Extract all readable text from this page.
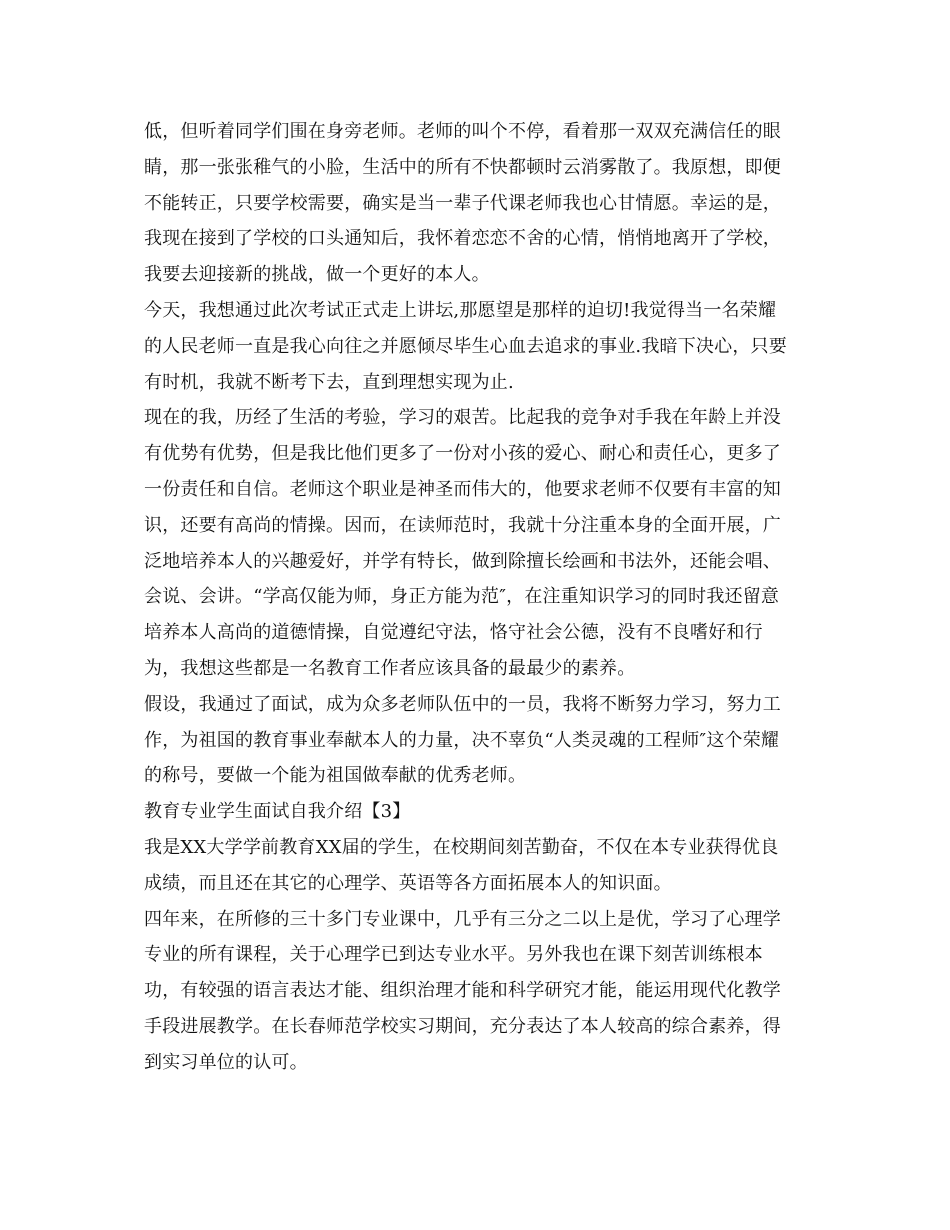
低，但听着同学们围在身旁老师。老师的叫个不停，看着那一双双充满信任的眼
睛，那一张张稚气的小脸，生活中的所有不快都顿时云消雾散了。我原想，即便
不能转正，只要学校需要，确实是当一辈子代课老师我也心甘情愿。幸运的是，
我现在接到了学校的口头通知后，我怀着恋恋不舍的心情，悄悄地离开了学校，
我要去迎接新的挑战，做一个更好的本人。
今天，我想通过此次考试正式走上讲坛,那愿望是那样的迫切!我觉得当一名荣耀
的人民老师一直是我心向往之并愿倾尽毕生心血去追求的事业.我暗下决心，只要
有时机，我就不断考下去，直到理想实现为止.
现在的我，历经了生活的考验，学习的艰苦。比起我的竞争对手我在年龄上并没
有优势有优势，但是我比他们更多了一份对小孩的爱心、耐心和责任心，更多了
一份责任和自信。老师这个职业是神圣而伟大的，他要求老师不仅要有丰富的知
识，还要有高尚的情操。因而，在读师范时，我就十分注重本身的全面开展，广
泛地培养本人的兴趣爱好，并学有特长，做到除擅长绘画和书法外，还能会唱、
会说、会讲。“学高仅能为师，身正方能为范″，在注重知识学习的同时我还留意
培养本人高尚的道德情操，自觉遵纪守法，恪守社会公德，没有不良嗜好和行
为，我想这些都是一名教育工作者应该具备的最最少的素养。
假设，我通过了面试，成为众多老师队伍中的一员，我将不断努力学习，努力工
作，为祖国的教育事业奉献本人的力量，决不辜负“人类灵魂的工程师″这个荣耀
的称号，要做一个能为祖国做奉献的优秀老师。
教育专业学生面试自我介绍【3】
我是XX大学学前教育XX届的学生，在校期间刻苦勤奋，不仅在本专业获得优良
成绩，而且还在其它的心理学、英语等各方面拓展本人的知识面。
四年来，在所修的三十多门专业课中，几乎有三分之二以上是优，学习了心理学
专业的所有课程，关于心理学已到达专业水平。另外我也在课下刻苦训练根本
功，有较强的语言表达才能、组织治理才能和科学研究才能，能运用现代化教学
手段进展教学。在长春师范学校实习期间，充分表达了本人较高的综合素养，得
到实习单位的认可。
